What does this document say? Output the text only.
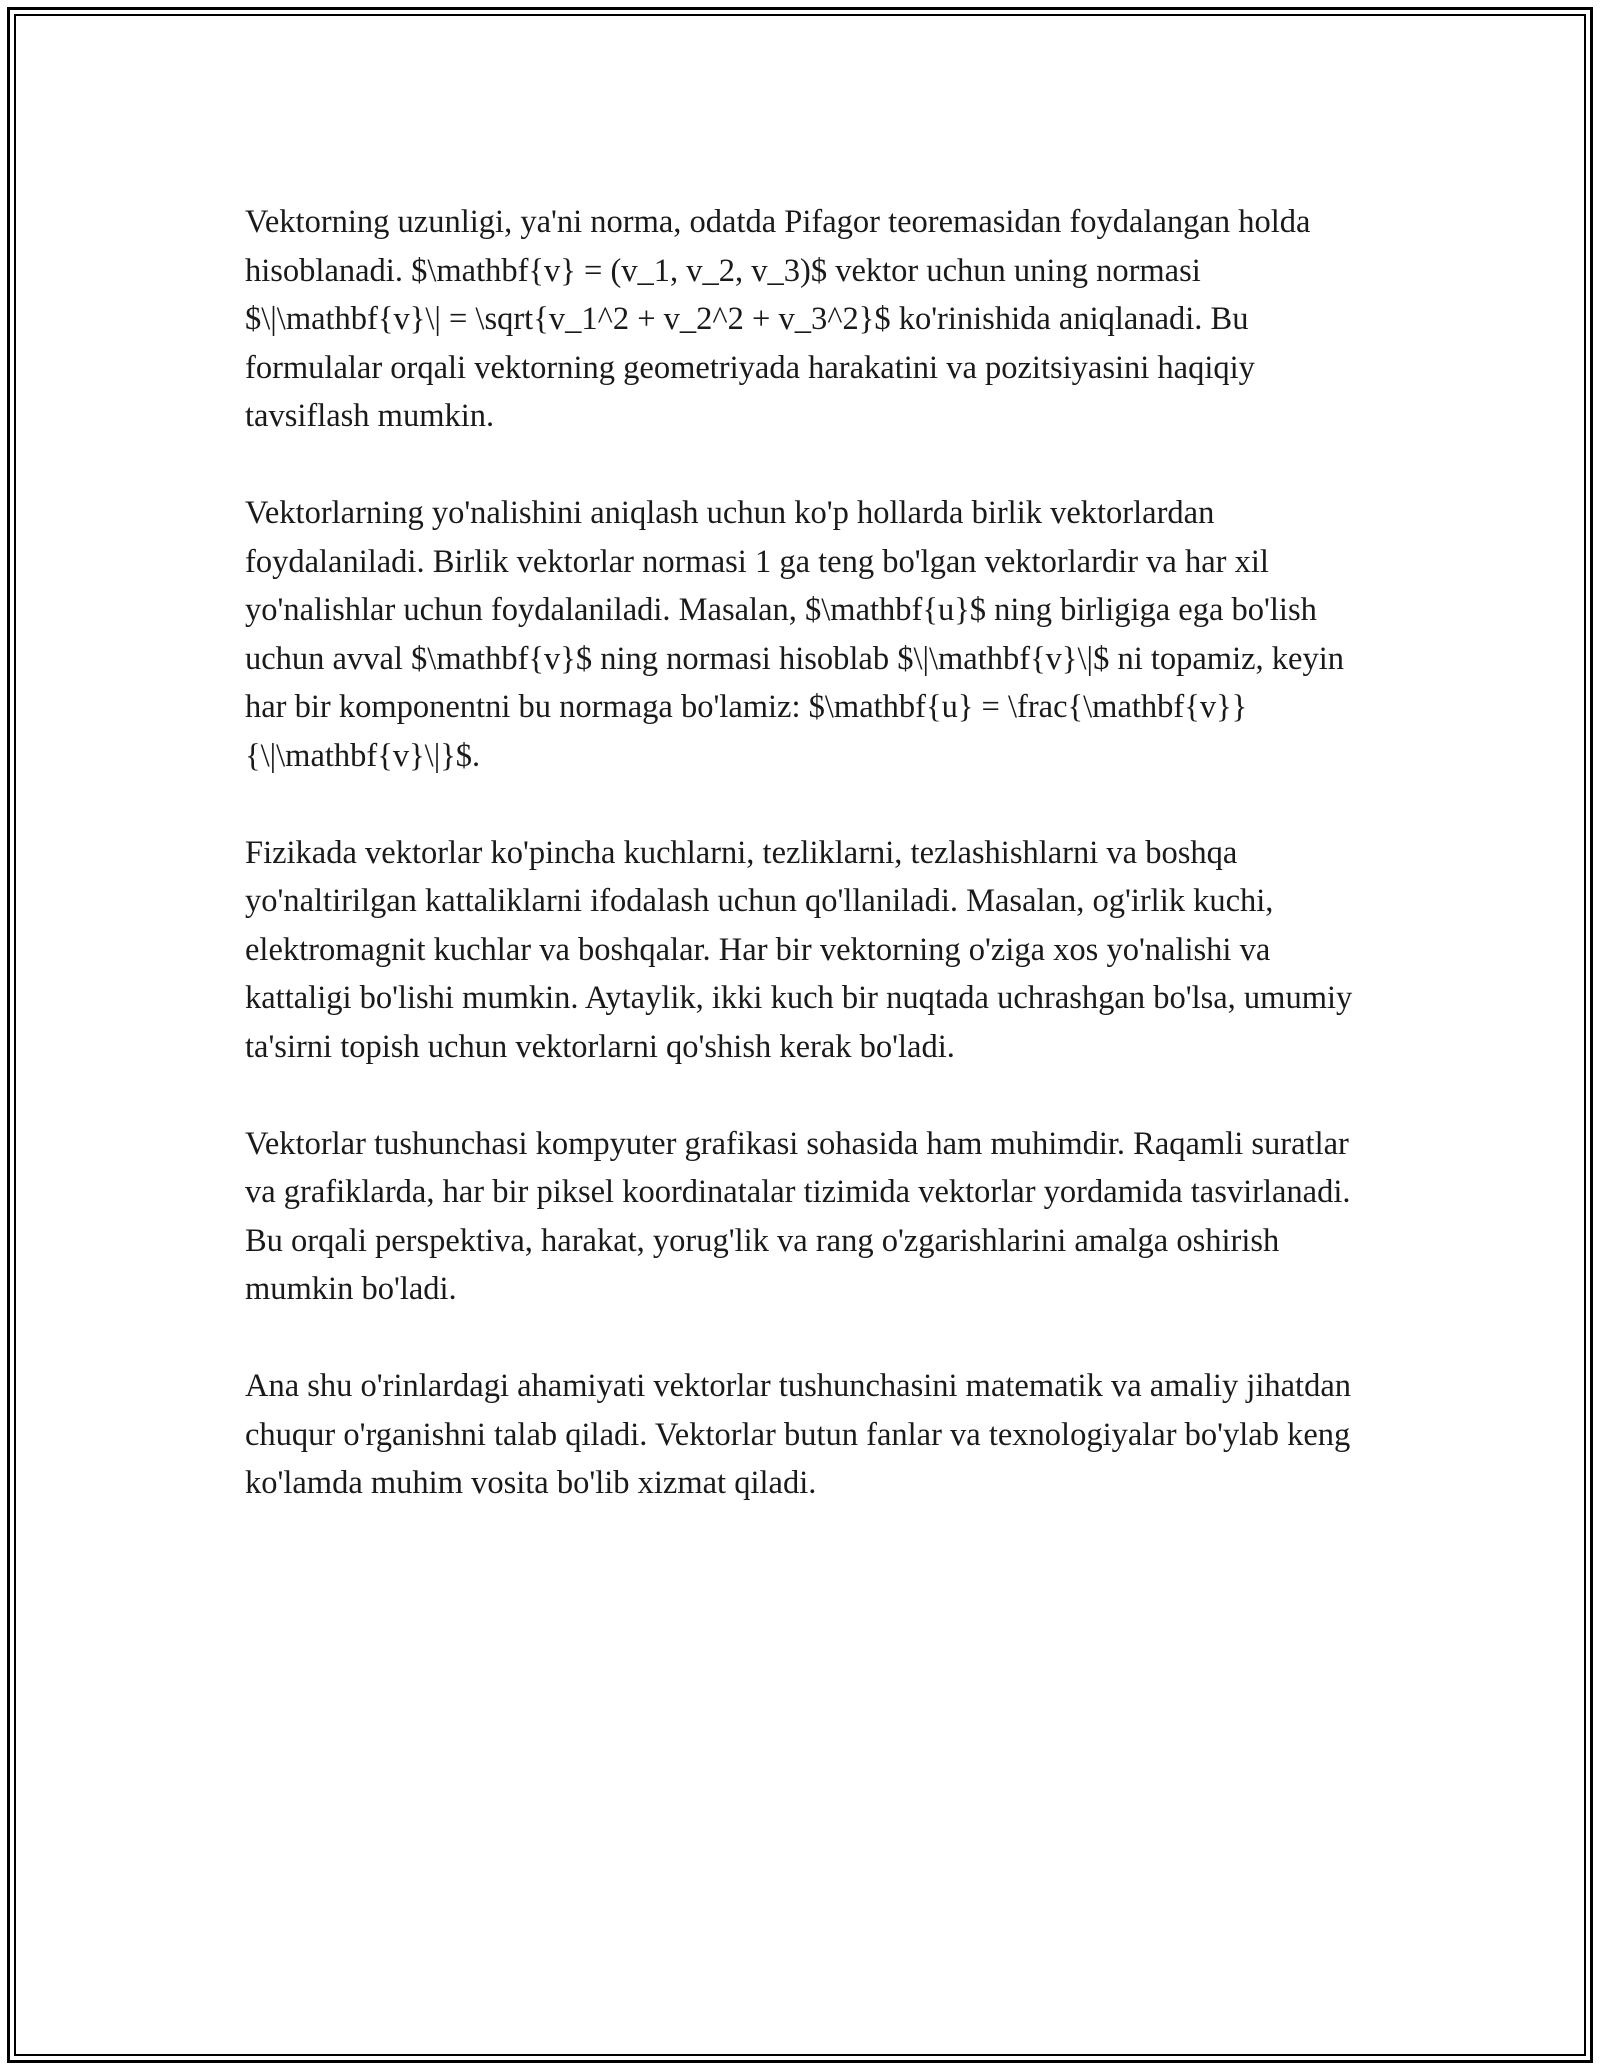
Vektorning uzunligi, ya'ni norma, odatda Pifagor teoremasidan foydalangan holda hisoblanadi. $\mathbf{v} = (v_1, v_2, v_3)$ vektor uchun uning normasi $\|\mathbf{v}\| = \sqrt{v_1^2 + v_2^2 + v_3^2}$ ko'rinishida aniqlanadi. Bu formulalar orqali vektorning geometriyada harakatini va pozitsiyasini haqiqiy tavsiflash mumkin.

Vektorlarning yo'nalishini aniqlash uchun ko'p hollarda birlik vektorlardan foydalaniladi. Birlik vektorlar normasi 1 ga teng bo'lgan vektorlardir va har xil yo'nalishlar uchun foydalaniladi. Masalan, $\mathbf{u}$ ning birligiga ega bo'lish uchun avval $\mathbf{v}$ ning normasi hisoblab $\|\mathbf{v}\|$ ni topamiz, keyin har bir komponentni bu normaga bo'lamiz: $\mathbf{u} = \frac{\mathbf{v}}{\|\mathbf{v}\|}$.

Fizikada vektorlar ko'pincha kuchlarni, tezliklarni, tezlashishlarni va boshqa yo'naltirilgan kattaliklarni ifodalash uchun qo'llaniladi. Masalan, og'irlik kuchi, elektromagnit kuchlar va boshqalar. Har bir vektorning o'ziga xos yo'nalishi va kattaligi bo'lishi mumkin. Aytaylik, ikki kuch bir nuqtada uchrashgan bo'lsa, umumiy ta'sirni topish uchun vektorlarni qo'shish kerak bo'ladi.

Vektorlar tushunchasi kompyuter grafikasi sohasida ham muhimdir. Raqamli suratlar va grafiklarda, har bir piksel koordinatalar tizimida vektorlar yordamida tasvirlanadi. Bu orqali perspektiva, harakat, yorug'lik va rang o'zgarishlarini amalga oshirish mumkin bo'ladi.

Ana shu o'rinlardagi ahamiyati vektorlar tushunchasini matematik va amaliy jihatdan chuqur o'rganishni talab qiladi. Vektorlar butun fanlar va texnologiyalar bo'ylab keng ko'lamda muhim vosita bo'lib xizmat qiladi.
